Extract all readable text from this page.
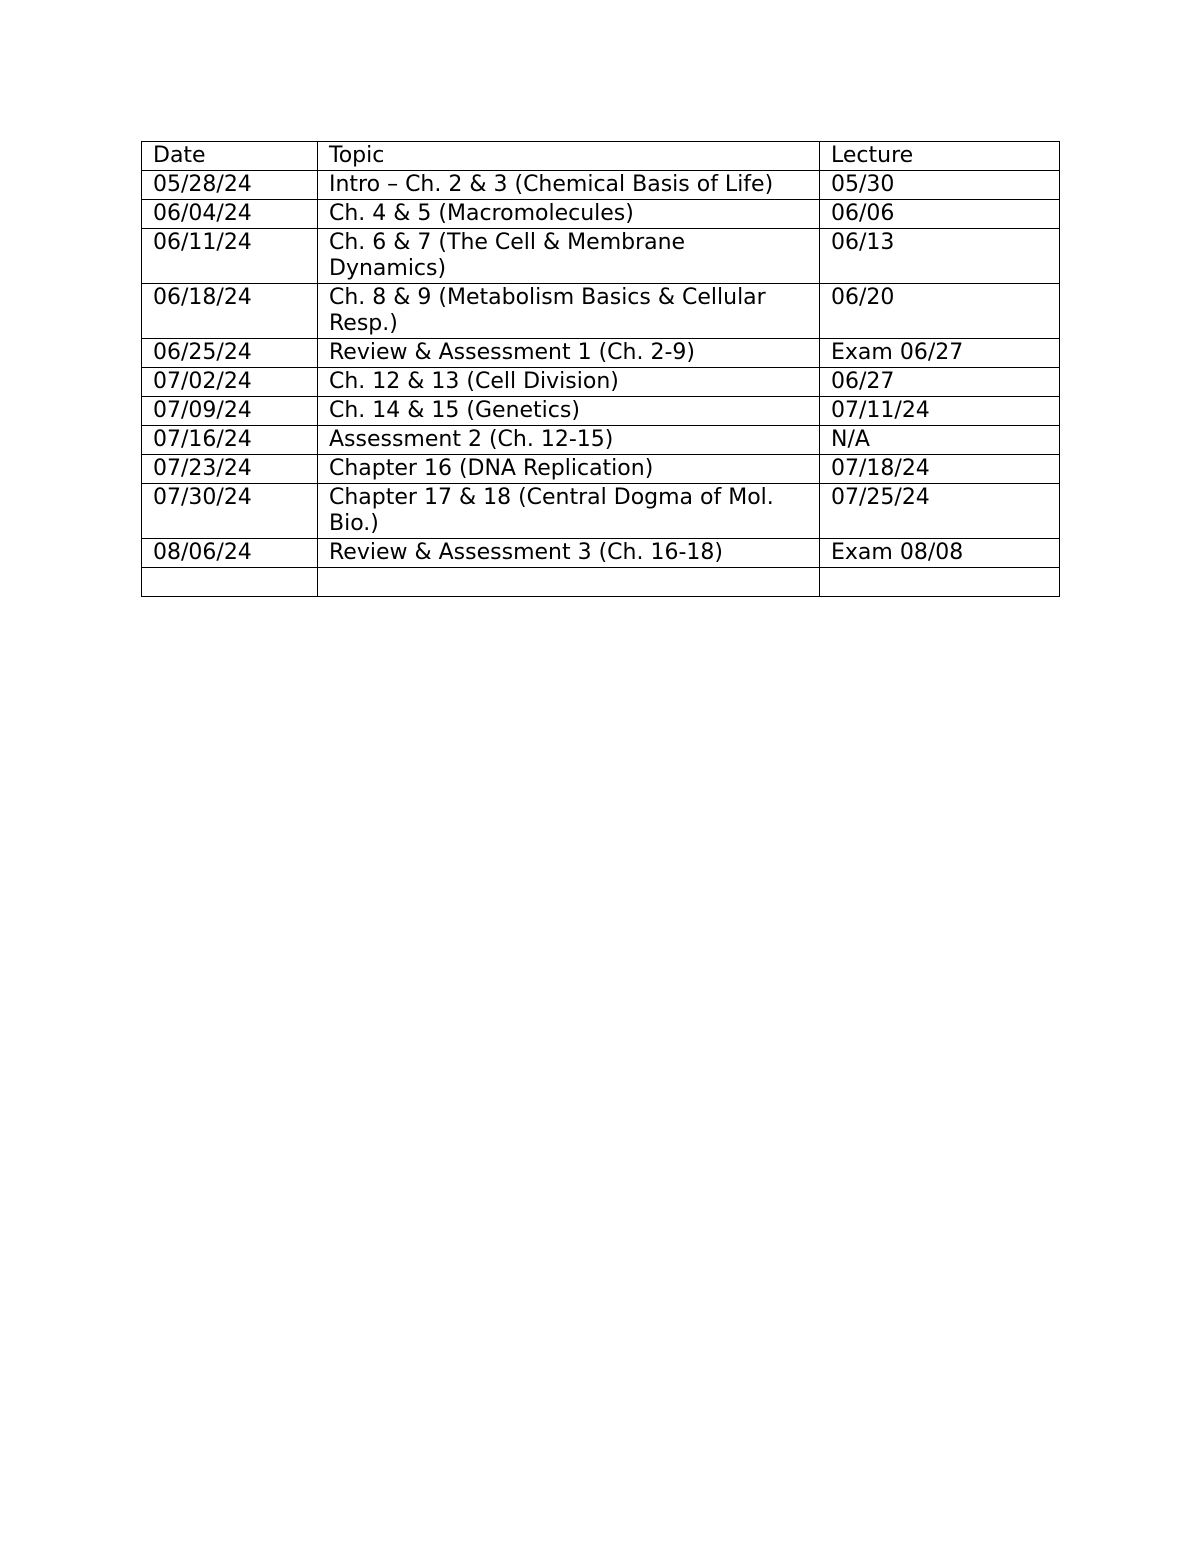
Date	Topic	Lecture
05/28/24	Intro – Ch. 2 & 3 (Chemical Basis of Life)	05/30
06/04/24	Ch. 4 & 5 (Macromolecules)	06/06
06/11/24	Ch. 6 & 7 (The Cell & Membrane Dynamics)	06/13
06/18/24	Ch. 8 & 9 (Metabolism Basics & Cellular Resp.)	06/20
06/25/24	Review & Assessment 1 (Ch. 2-9)	Exam 06/27
07/02/24	Ch. 12 & 13 (Cell Division)	06/27
07/09/24	Ch. 14 & 15 (Genetics)	07/11/24
07/16/24	Assessment 2 (Ch. 12-15)	N/A
07/23/24	Chapter 16 (DNA Replication)	07/18/24
07/30/24	Chapter 17 & 18 (Central Dogma of Mol. Bio.)	07/25/24
08/06/24	Review & Assessment 3 (Ch. 16-18)	Exam 08/08
